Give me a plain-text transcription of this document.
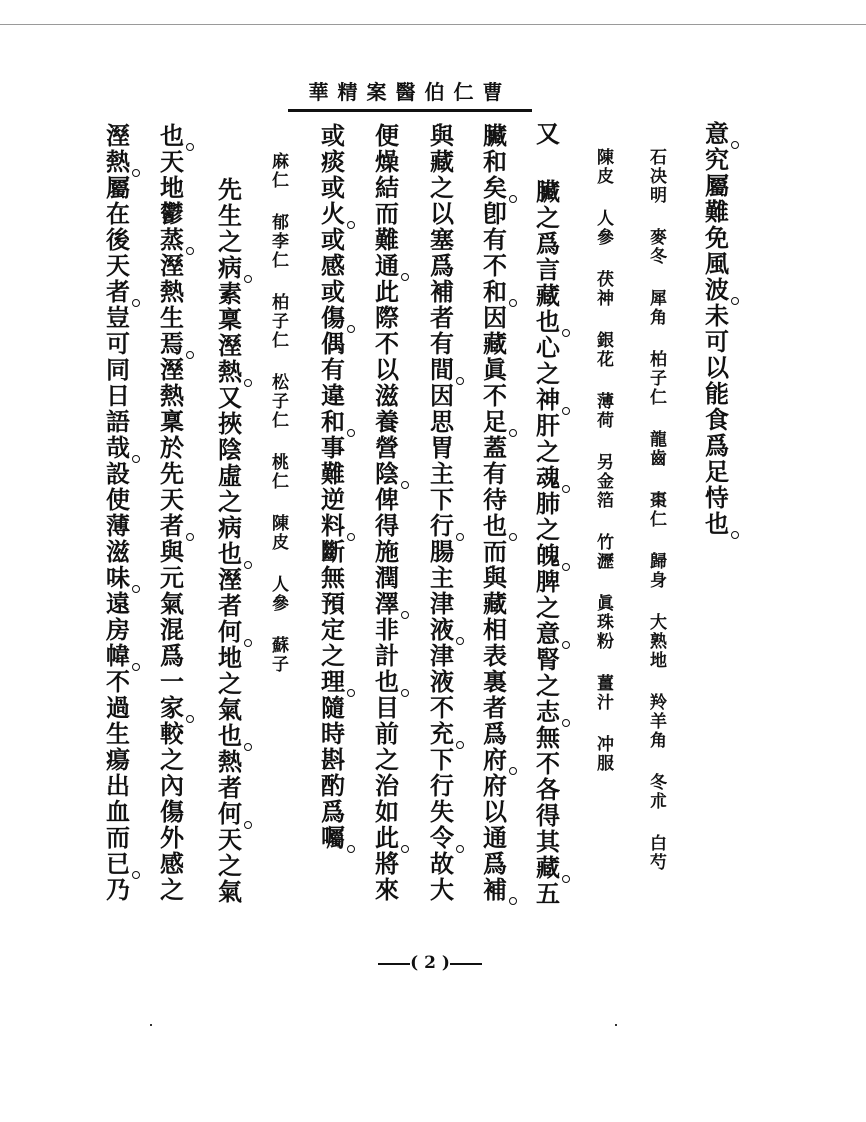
華精案醫伯仁曹
意
究
屬
難
免
風
波
未
可
以
能
食
爲
足
恃
也
石决明
麥冬
犀角
柏子仁
龍齒
棗仁
歸身
大熟地
羚羊角
冬朮
白芍
陳皮
人參
茯神
銀花
薄荷
另金箔
竹瀝
眞珠粉
薑汁
冲服
又
臟
之
爲
言
藏
也
心
之
神
肝
之
魂
肺
之
魄
脾
之
意
腎
之
志
無
不
各
得
其
藏
五
臟
和
矣
卽
有
不
和
因
藏
眞
不
足
蓋
有
待
也
而
與
藏
相
表
裏
者
爲
府
府
以
通
爲
補
與
藏
之
以
塞
爲
補
者
有
間
因
思
胃
主
下
行
腸
主
津
液
津
液
不
充
下
行
失
令
故
大
便
燥
結
而
難
通
此
際
不
以
滋
養
營
陰
俾
得
施
潤
澤
非
計
也
目
前
之
治
如
此
將
來
或
痰
或
火
或
感
或
傷
偶
有
違
和
事
難
逆
料
斷
無
預
定
之
理
隨
時
斟
酌
爲
囑
麻仁
郁李仁
柏子仁
松子仁
桃仁
陳皮
人參
蘇子
先
生
之
病
素
稟
溼
熱
又
挾
陰
虛
之
病
也
溼
者
何
地
之
氣
也
熱
者
何
天
之
氣
也
天
地
鬱
蒸
溼
熱
生
焉
溼
熱
稟
於
先
天
者
與
元
氣
混
爲
一
家
較
之
內
傷
外
感
之
溼
熱
屬
在
後
天
者
豈
可
同
日
語
哉
設
使
薄
滋
味
遠
房
幃
不
過
生
瘍
出
血
而
已
乃
( 2 )
